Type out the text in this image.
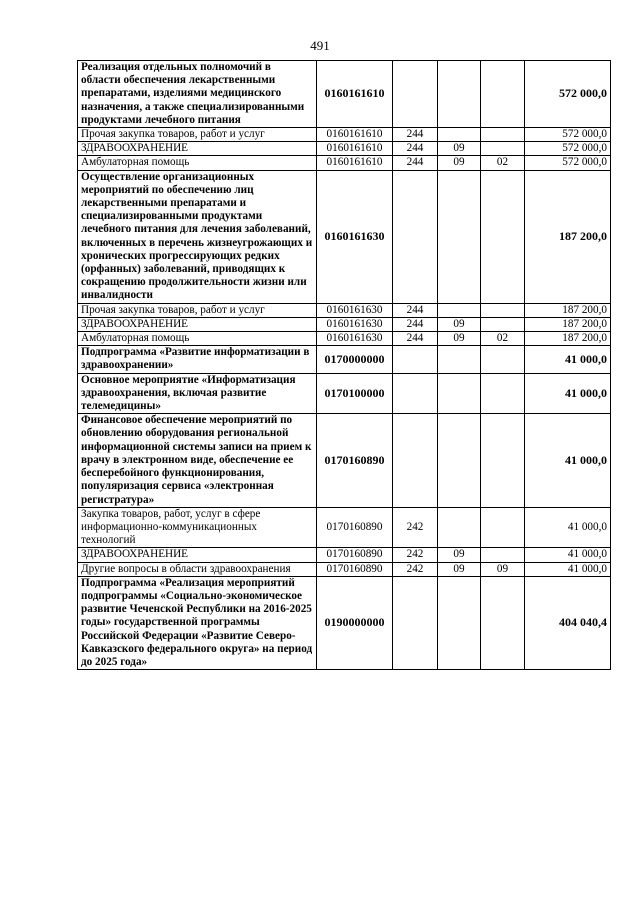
491
Реализация отдельных полномочий в области обеспечения лекарственными препаратами, изделиями медицинского назначения, а также специализированными продуктами лечебного питания	0160161610				572 000,0
Прочая закупка товаров, работ и услуг	0160161610	244			572 000,0
ЗДРАВООХРАНЕНИЕ	0160161610	244	09		572 000,0
Амбулаторная помощь	0160161610	244	09	02	572 000,0
Осуществление организационных мероприятий по обеспечению лиц лекарственными препаратами и специализированными продуктами лечебного питания для лечения заболеваний, включенных в перечень жизнеугрожающих и хронических прогрессирующих редких (орфанных) заболеваний, приводящих к сокращению продолжительности жизни или инвалидности	0160161630				187 200,0
Прочая закупка товаров, работ и услуг	0160161630	244			187 200,0
ЗДРАВООХРАНЕНИЕ	0160161630	244	09		187 200,0
Амбулаторная помощь	0160161630	244	09	02	187 200,0
Подпрограмма «Развитие информатизации в здравоохранении»	0170000000				41 000,0
Основное мероприятие «Информатизация здравоохранения, включая развитие телемедицины»	0170100000				41 000,0
Финансовое обеспечение мероприятий по обновлению оборудования региональной информационной системы записи на прием к врачу в электронном виде, обеспечение ее бесперебойного функционирования, популяризация сервиса «электронная регистратура»	0170160890				41 000,0
Закупка товаров, работ, услуг в сфере информационно-коммуникационных технологий	0170160890	242			41 000,0
ЗДРАВООХРАНЕНИЕ	0170160890	242	09		41 000,0
Другие вопросы в области здравоохранения	0170160890	242	09	09	41 000,0
Подпрограмма «Реализация мероприятий подпрограммы «Социально-экономическое развитие Чеченской Республики на 2016-2025 годы» государственной программы Российской Федерации «Развитие Северо-Кавказского федерального округа» на период до 2025 года»	0190000000				404 040,4
